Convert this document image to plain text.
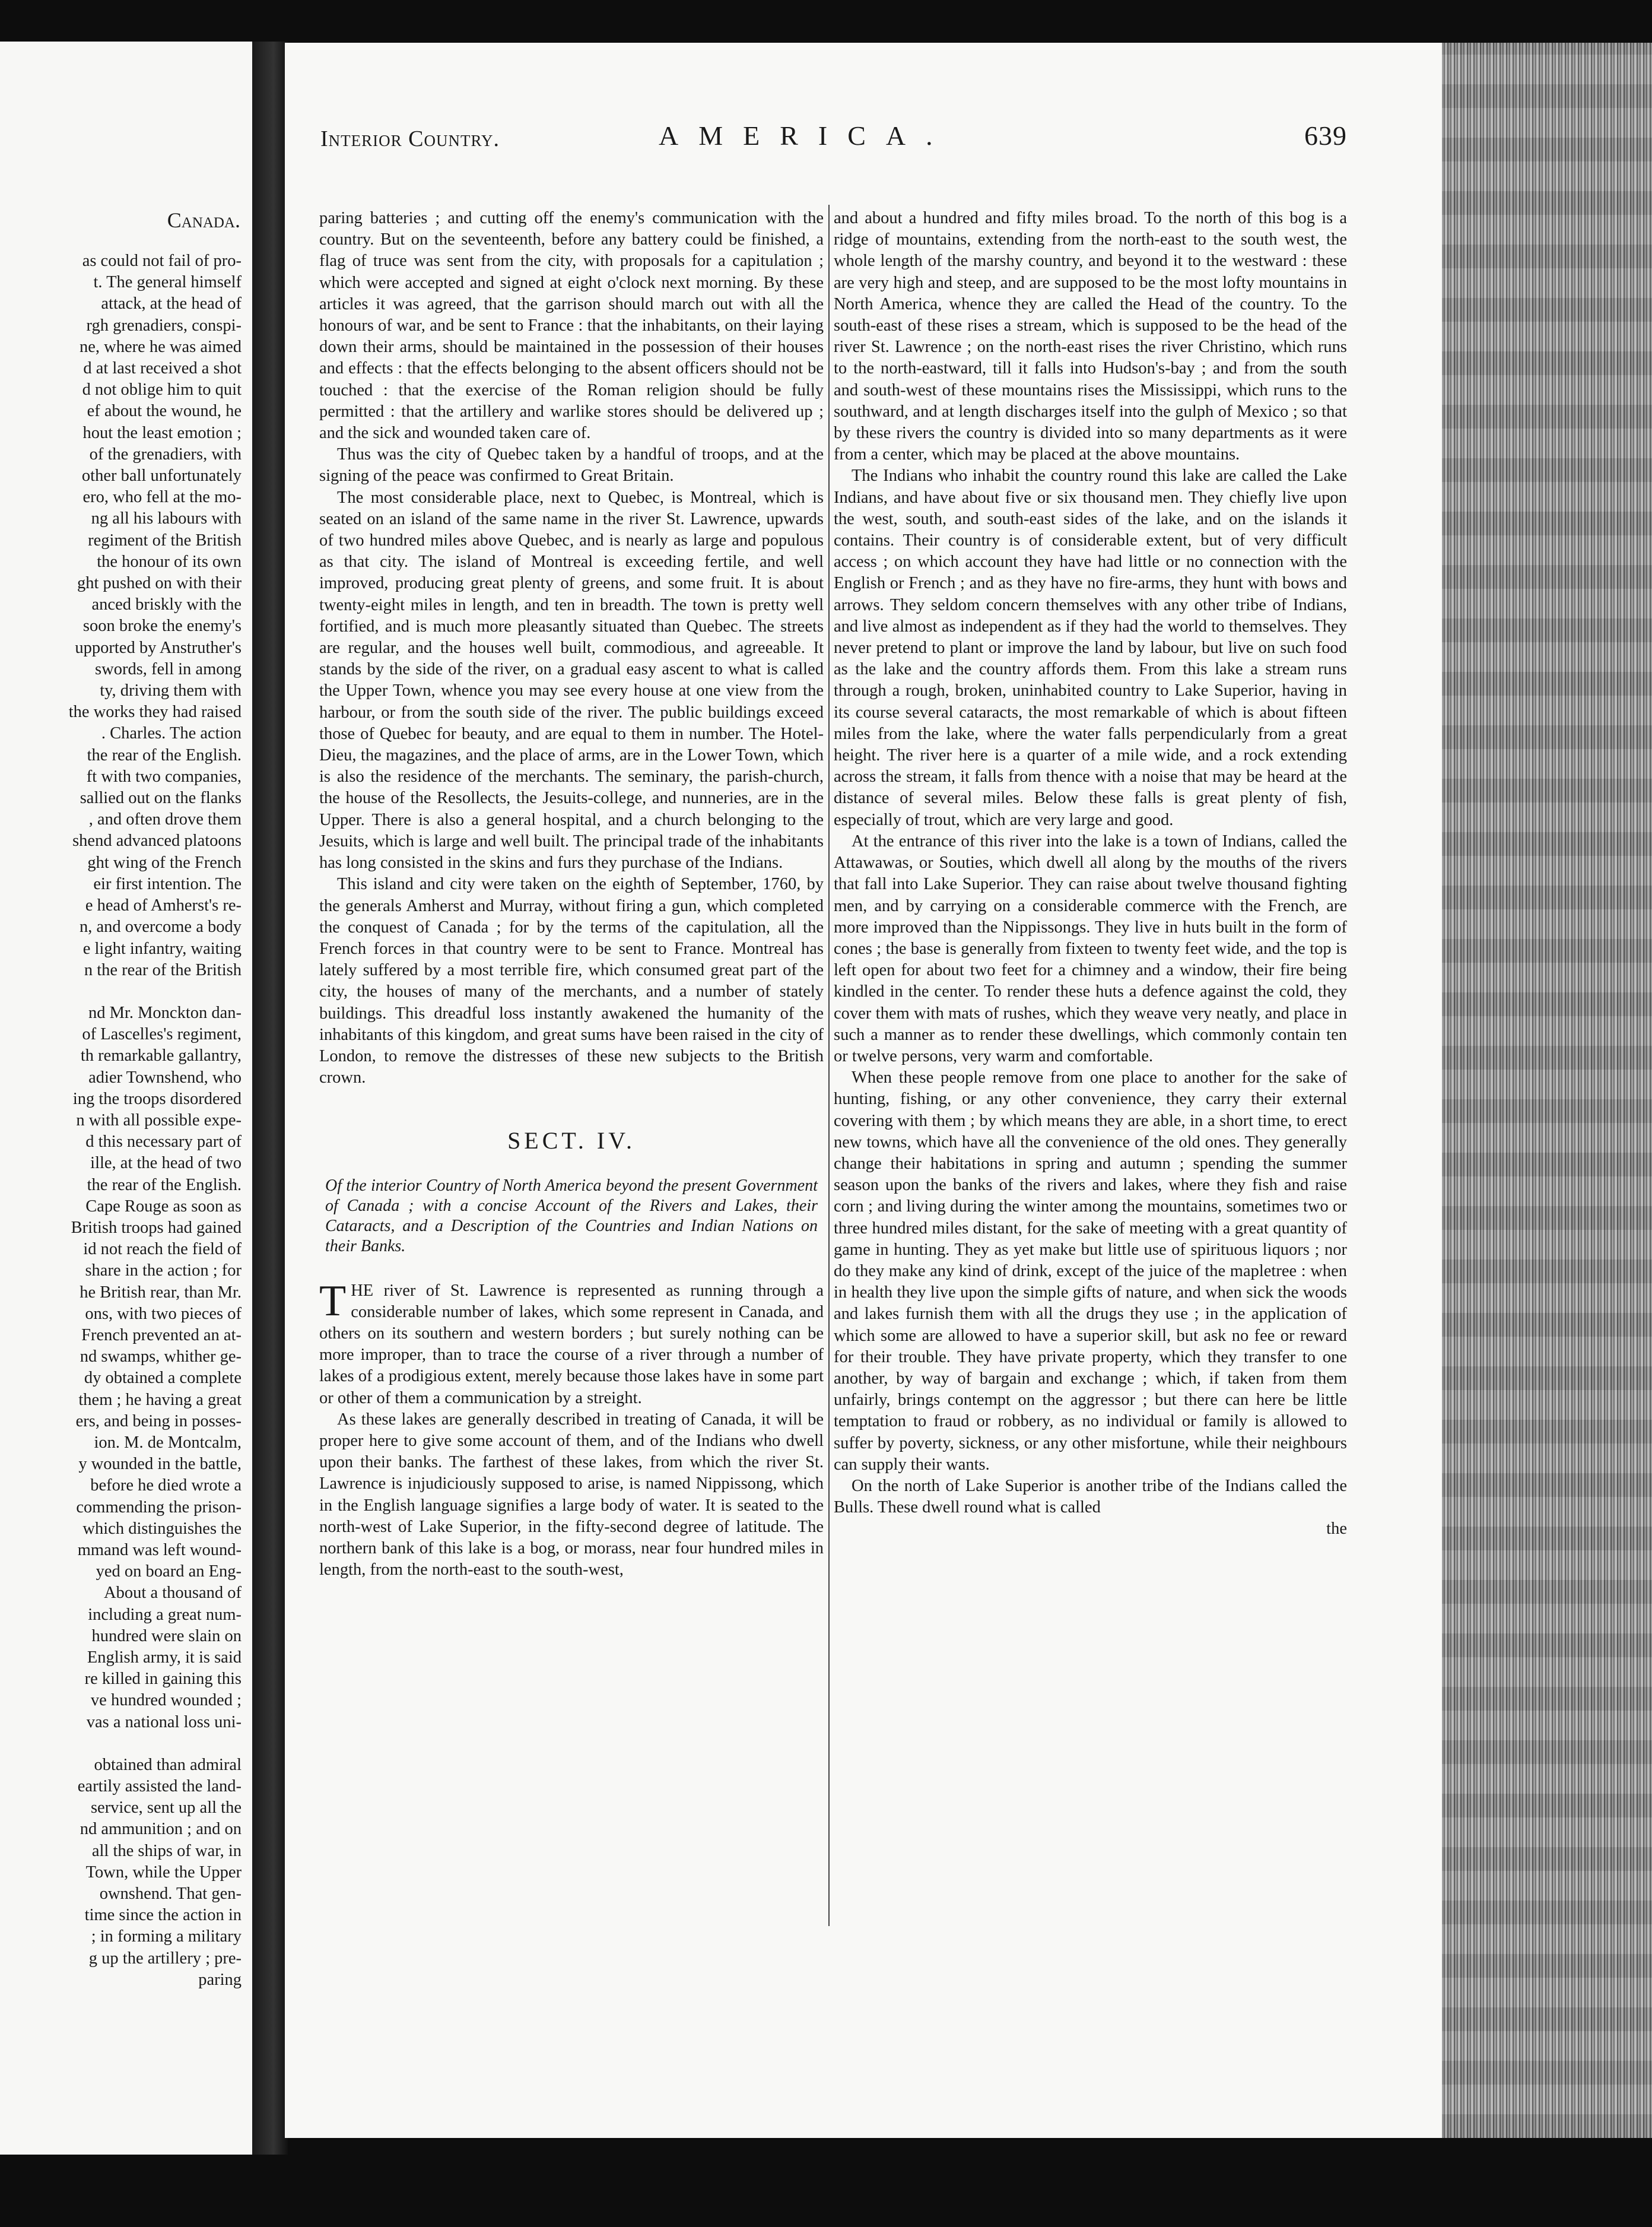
Canada.
as could not fail of pro-
t. The general himself
attack, at the head of
rgh grenadiers, conspi-
ne, where he was aimed
d at last received a shot
d not oblige him to quit
ef about the wound, he
hout the least emotion ;
of the grenadiers, with
other ball unfortunately
ero, who fell at the mo-
ng all his labours with
regiment of the British
the honour of its own
ght pushed on with their
anced briskly with the
soon broke the enemy's
upported by Anstruther's
swords, fell in among
ty, driving them with
the works they had raised
. Charles. The action
the rear of the English.
ft with two companies,
sallied out on the flanks
, and often drove them
shend advanced platoons
ght wing of the French
eir first intention. The
e head of Amherst's re-
n, and overcome a body
e light infantry, waiting
n the rear of the British
nd Mr. Monckton dan-
of Lascelles's regiment,
th remarkable gallantry,
adier Townshend, who
ing the troops disordered
n with all possible expe-
d this necessary part of
ille, at the head of two
the rear of the English.
Cape Rouge as soon as
British troops had gained
id not reach the field of
share in the action ; for
he British rear, than Mr.
ons, with two pieces of
French prevented an at-
nd swamps, whither ge-
dy obtained a complete
them ; he having a great
ers, and being in posses-
ion. M. de Montcalm,
y wounded in the battle,
before he died wrote a
commending the prison-
which distinguishes the
mmand was left wound-
yed on board an Eng-
About a thousand of
including a great num-
hundred were slain on
English army, it is said
re killed in gaining this
ve hundred wounded ;
vas a national loss uni-
obtained than admiral
eartily assisted the land-
service, sent up all the
nd ammunition ; and on
all the ships of war, in
Town, while the Upper
ownshend. That gen-
time since the action in
; in forming a military
g up the artillery ; pre-
paring
Interior Country.	AMERICA.	639

paring batteries ; and cutting off the enemy's communication with the country. But on the seventeenth, before any battery could be finished, a flag of truce was sent from the city, with proposals for a capitulation ; which were accepted and signed at eight o'clock next morning. By these articles it was agreed, that the garrison should march out with all the honours of war, and be sent to France : that the inhabitants, on their laying down their arms, should be maintained in the possession of their houses and effects : that the effects belonging to the absent officers should not be touched : that the exercise of the Roman religion should be fully permitted : that the artillery and warlike stores should be delivered up ; and the sick and wounded taken care of.

Thus was the city of Quebec taken by a handful of troops, and at the signing of the peace was confirmed to Great Britain.

The most considerable place, next to Quebec, is Montreal, which is seated on an island of the same name in the river St. Lawrence, upwards of two hundred miles above Quebec, and is nearly as large and populous as that city. The island of Montreal is exceeding fertile, and well improved, producing great plenty of greens, and some fruit. It is about twenty-eight miles in length, and ten in breadth. The town is pretty well fortified, and is much more pleasantly situated than Quebec. The streets are regular, and the houses well built, commodious, and agreeable. It stands by the side of the river, on a gradual easy ascent to what is called the Upper Town, whence you may see every house at one view from the harbour, or from the south side of the river. The public buildings exceed those of Quebec for beauty, and are equal to them in number. The Hotel-Dieu, the magazines, and the place of arms, are in the Lower Town, which is also the residence of the merchants. The seminary, the parish-church, the house of the Resollects, the Jesuits-college, and nunneries, are in the Upper. There is also a general hospital, and a church belonging to the Jesuits, which is large and well built. The principal trade of the inhabitants has long consisted in the skins and furs they purchase of the Indians.

This island and city were taken on the eighth of September, 1760, by the generals Amherst and Murray, without firing a gun, which completed the conquest of Canada ; for by the terms of the capitulation, all the French forces in that country were to be sent to France. Montreal has lately suffered by a most terrible fire, which consumed great part of the city, the houses of many of the merchants, and a number of stately buildings. This dreadful loss instantly awakened the humanity of the inhabitants of this kingdom, and great sums have been raised in the city of London, to remove the distresses of these new subjects to the British crown.

SECT. IV.
Of the interior Country of North America beyond the present Government of Canada ; with a concise Account of the Rivers and Lakes, their Cataracts, and a Description of the Countries and Indian Nations on their Banks.

THE river of St. Lawrence is represented as running through a considerable number of lakes, which some represent in Canada, and others on its southern and western borders ; but surely nothing can be more improper, than to trace the course of a river through a number of lakes of a prodigious extent, merely because those lakes have in some part or other of them a communication by a streight.

As these lakes are generally described in treating of Canada, it will be proper here to give some account of them, and of the Indians who dwell upon their banks. The farthest of these lakes, from which the river St. Lawrence is injudiciously supposed to arise, is named Nippissong, which in the English language signifies a large body of water. It is seated to the north-west of Lake Superior, in the fifty-second degree of latitude. The northern bank of this lake is a bog, or morass, near four hundred miles in length, from the north-east to the south-west,

and about a hundred and fifty miles broad. To the north of this bog is a ridge of mountains, extending from the north-east to the south west, the whole length of the marshy country, and beyond it to the westward : these are very high and steep, and are supposed to be the most lofty mountains in North America, whence they are called the Head of the country. To the south-east of these rises a stream, which is supposed to be the head of the river St. Lawrence ; on the north-east rises the river Christino, which runs to the north-eastward, till it falls into Hudson's-bay ; and from the south and south-west of these mountains rises the Mississippi, which runs to the southward, and at length discharges itself into the gulph of Mexico ; so that by these rivers the country is divided into so many departments as it were from a center, which may be placed at the above mountains.

The Indians who inhabit the country round this lake are called the Lake Indians, and have about five or six thousand men. They chiefly live upon the west, south, and south-east sides of the lake, and on the islands it contains. Their country is of considerable extent, but of very difficult access ; on which account they have had little or no connection with the English or French ; and as they have no fire-arms, they hunt with bows and arrows. They seldom concern themselves with any other tribe of Indians, and live almost as independent as if they had the world to themselves. They never pretend to plant or improve the land by labour, but live on such food as the lake and the country affords them. From this lake a stream runs through a rough, broken, uninhabited country to Lake Superior, having in its course several cataracts, the most remarkable of which is about fifteen miles from the lake, where the water falls perpendicularly from a great height. The river here is a quarter of a mile wide, and a rock extending across the stream, it falls from thence with a noise that may be heard at the distance of several miles. Below these falls is great plenty of fish, especially of trout, which are very large and good.

At the entrance of this river into the lake is a town of Indians, called the Attawawas, or Souties, which dwell all along by the mouths of the rivers that fall into Lake Superior. They can raise about twelve thousand fighting men, and by carrying on a considerable commerce with the French, are more improved than the Nippissongs. They live in huts built in the form of cones ; the base is generally from fixteen to twenty feet wide, and the top is left open for about two feet for a chimney and a window, their fire being kindled in the center. To render these huts a defence against the cold, they cover them with mats of rushes, which they weave very neatly, and place in such a manner as to render these dwellings, which commonly contain ten or twelve persons, very warm and comfortable.

When these people remove from one place to another for the sake of hunting, fishing, or any other convenience, they carry their external covering with them ; by which means they are able, in a short time, to erect new towns, which have all the convenience of the old ones. They generally change their habitations in spring and autumn ; spending the summer season upon the banks of the rivers and lakes, where they fish and raise corn ; and living during the winter among the mountains, sometimes two or three hundred miles distant, for the sake of meeting with a great quantity of game in hunting. They as yet make but little use of spirituous liquors ; nor do they make any kind of drink, except of the juice of the mapletree : when in health they live upon the simple gifts of nature, and when sick the woods and lakes furnish them with all the drugs they use ; in the application of which some are allowed to have a superior skill, but ask no fee or reward for their trouble. They have private property, which they transfer to one another, by way of bargain and exchange ; which, if taken from them unfairly, brings contempt on the aggressor ; but there can here be little temptation to fraud or robbery, as no individual or family is allowed to suffer by poverty, sickness, or any other misfortune, while their neighbours can supply their wants.

On the north of Lake Superior is another tribe of the Indians called the Bulls. These dwell round what is called

the
